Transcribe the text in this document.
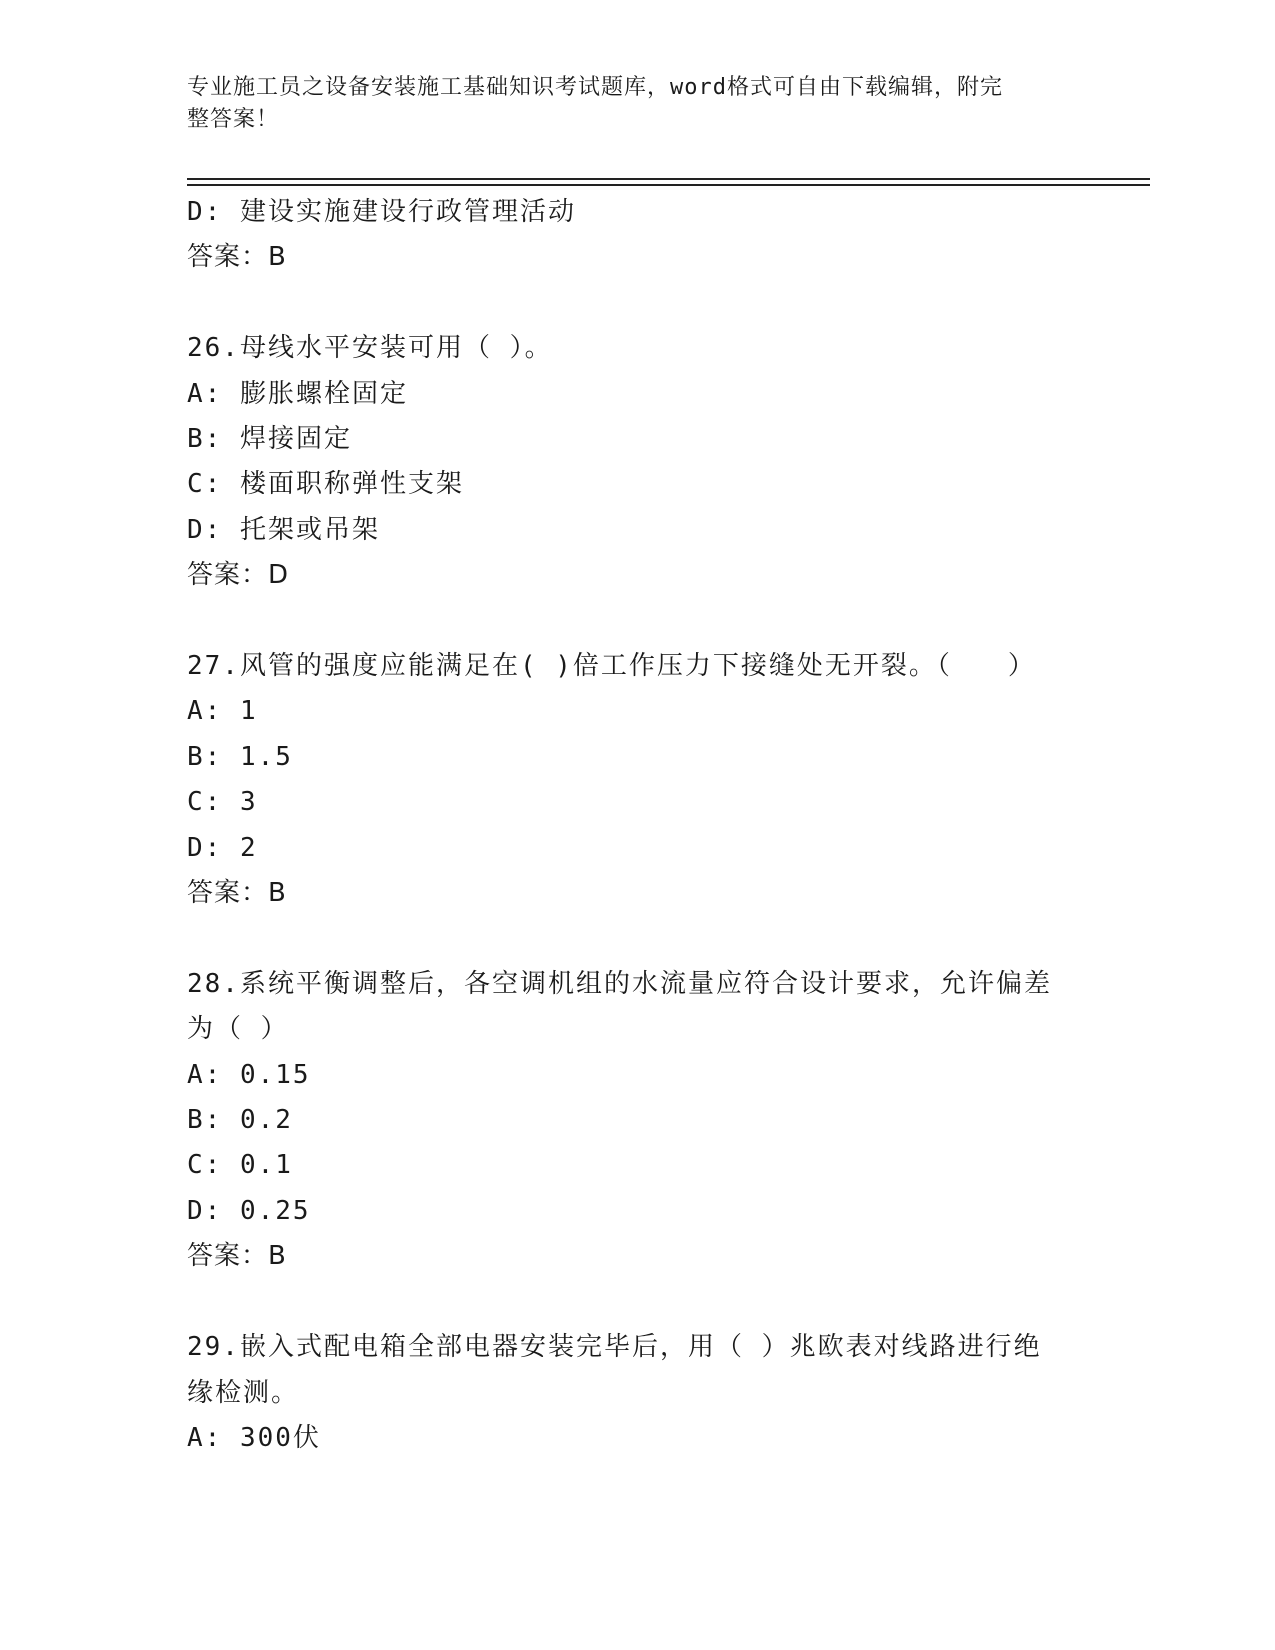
专业施工员之设备安装施工基础知识考试题库，word格式可自由下载编辑，附完
整答案！
D: 建设实施建设行政管理活动
答案：B
26.母线水平安装可用（ ）。
A: 膨胀螺栓固定
B: 焊接固定
C: 楼面职称弹性支架
D: 托架或吊架
答案：D
27.风管的强度应能满足在( )倍工作压力下接缝处无开裂。（　　）
A: 1
B: 1.5
C: 3
D: 2
答案：B
28.系统平衡调整后，各空调机组的水流量应符合设计要求，允许偏差
为（ ）
A: 0.15
B: 0.2
C: 0.1
D: 0.25
答案：B
29.嵌入式配电箱全部电器安装完毕后，用（ ）兆欧表对线路进行绝
缘检测。
A: 300伏
